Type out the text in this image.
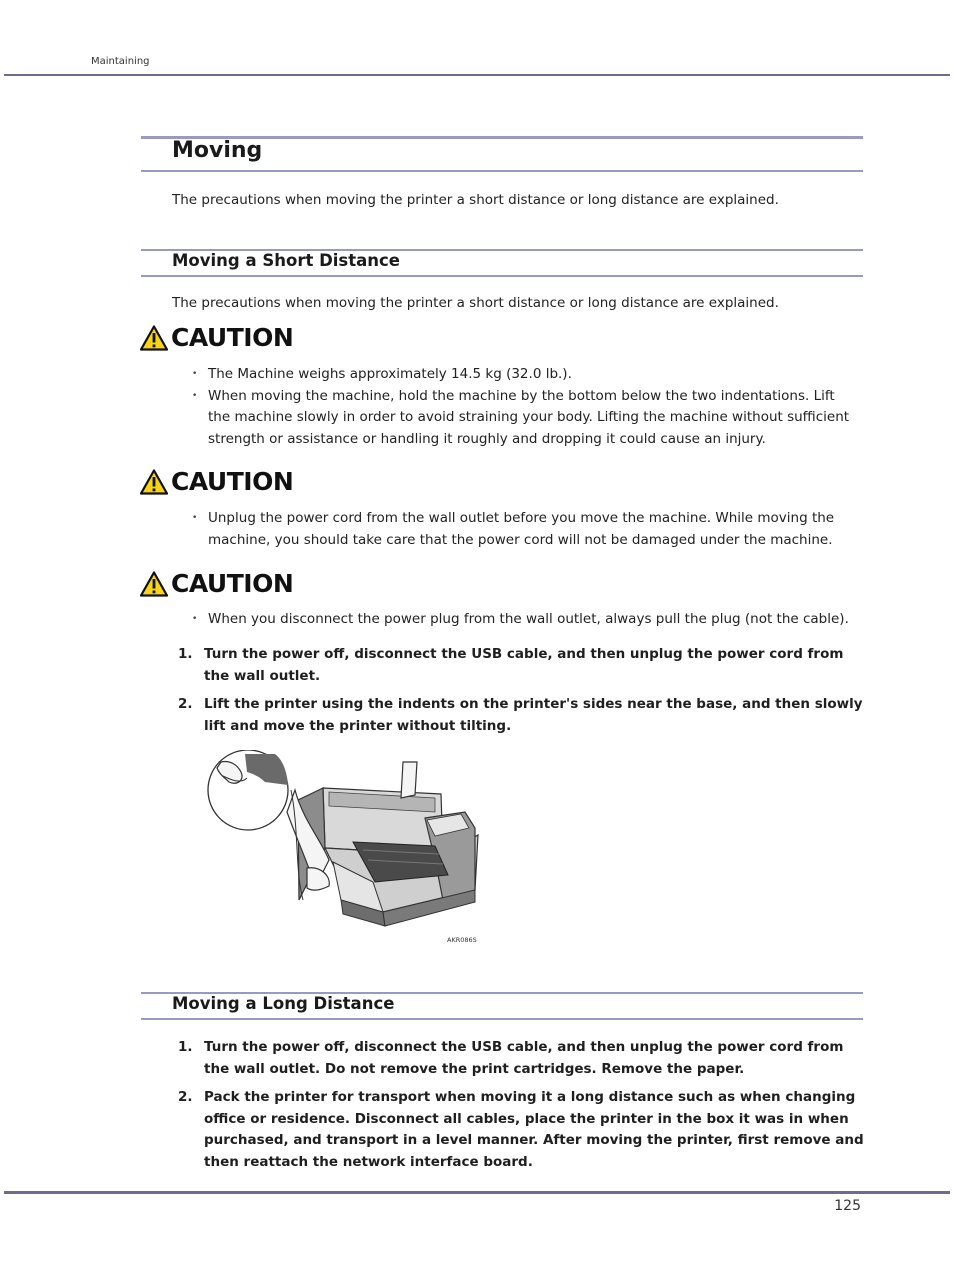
Maintaining
Moving
The precautions when moving the printer a short distance or long distance are explained.
Moving a Short Distance
The precautions when moving the printer a short distance or long distance are explained.
CAUTION
• The Machine weighs approximately 14.5 kg (32.0 lb.).
• When moving the machine, hold the machine by the bottom below the two indentations. Lift the machine slowly in order to avoid straining your body. Lifting the machine without sufficient strength or assistance or handling it roughly and dropping it could cause an injury.
CAUTION
• Unplug the power cord from the wall outlet before you move the machine. While moving the machine, you should take care that the power cord will not be damaged under the machine.
CAUTION
• When you disconnect the power plug from the wall outlet, always pull the plug (not the cable).
1. Turn the power off, disconnect the USB cable, and then unplug the power cord from the wall outlet.
2. Lift the printer using the indents on the printer's sides near the base, and then slowly lift and move the printer without tilting.
AKR086S
Moving a Long Distance
1. Turn the power off, disconnect the USB cable, and then unplug the power cord from the wall outlet. Do not remove the print cartridges. Remove the paper.
2. Pack the printer for transport when moving it a long distance such as when changing office or residence. Disconnect all cables, place the printer in the box it was in when purchased, and transport in a level manner. After moving the printer, first remove and then reattach the network interface board.
125
